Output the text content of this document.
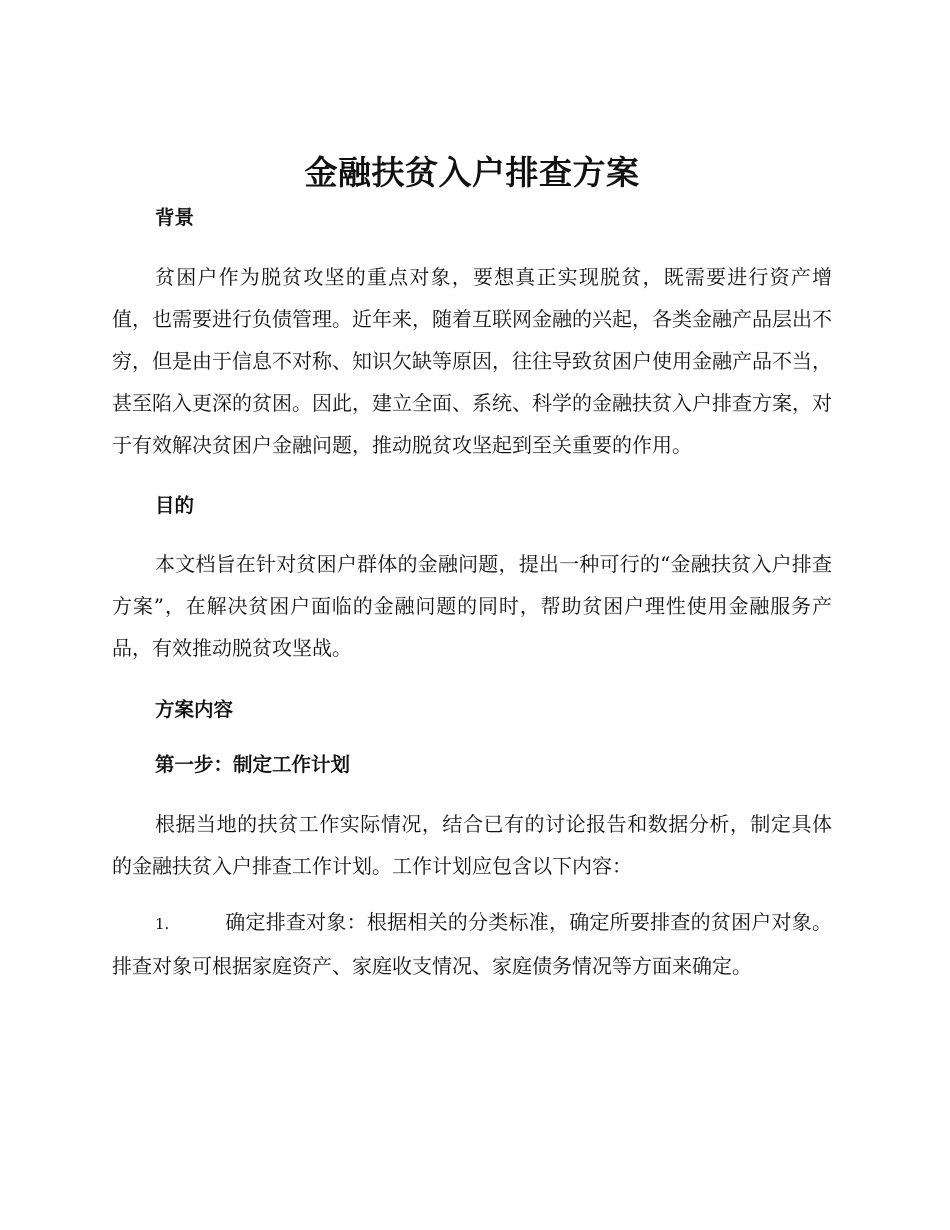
金融扶贫入户排查方案
背景

贫困户作为脱贫攻坚的重点对象，要想真正实现脱贫，既需要进行资产增值，也需要进行负债管理。近年来，随着互联网金融的兴起，各类金融产品层出不穷，但是由于信息不对称、知识欠缺等原因，往往导致贫困户使用金融产品不当，甚至陷入更深的贫困。因此，建立全面、系统、科学的金融扶贫入户排查方案，对于有效解决贫困户金融问题，推动脱贫攻坚起到至关重要的作用。

目的

本文档旨在针对贫困户群体的金融问题，提出一种可行的“金融扶贫入户排查方案”，在解决贫困户面临的金融问题的同时，帮助贫困户理性使用金融服务产品，有效推动脱贫攻坚战。

方案内容
第一步：制定工作计划

根据当地的扶贫工作实际情况，结合已有的讨论报告和数据分析，制定具体的金融扶贫入户排查工作计划。工作计划应包含以下内容：

1.	确定排查对象：根据相关的分类标准，确定所要排查的贫困户对象。排查对象可根据家庭资产、家庭收支情况、家庭债务情况等方面来确定。
